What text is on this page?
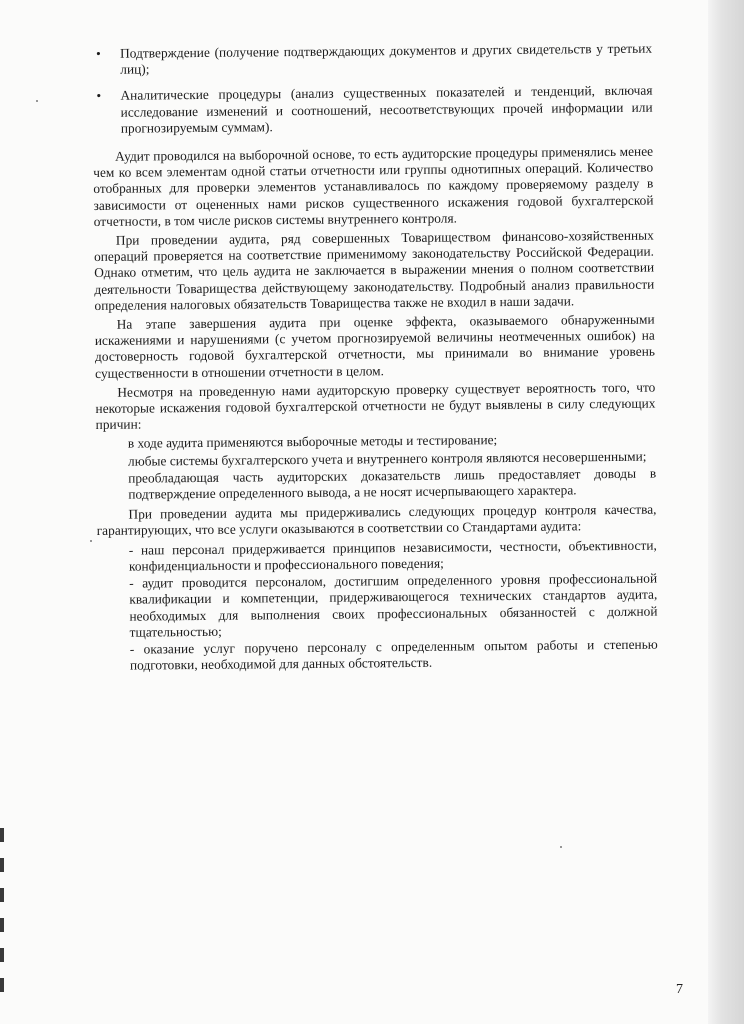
• Подтверждение (получение подтверждающих документов и других свидетельств у третьих лиц);

• Аналитические процедуры (анализ существенных показателей и тенденций, включая исследование изменений и соотношений, несоответствующих прочей информации или прогнозируемым суммам).

Аудит проводился на выборочной основе, то есть аудиторские процедуры применялись менее чем ко всем элементам одной статьи отчетности или группы однотипных операций. Количество отобранных для проверки элементов устанавливалось по каждому проверяемому разделу в зависимости от оцененных нами рисков существенного искажения годовой бухгалтерской отчетности, в том числе рисков системы внутреннего контроля.

При проведении аудита, ряд совершенных Товариществом финансово-хозяйственных операций проверяется на соответствие применимому законодательству Российской Федерации. Однако отметим, что цель аудита не заключается в выражении мнения о полном соответствии деятельности Товарищества действующему законодательству. Подробный анализ правильности определения налоговых обязательств Товарищества также не входил в наши задачи.

На этапе завершения аудита при оценке эффекта, оказываемого обнаруженными искажениями и нарушениями (с учетом прогнозируемой величины неотмеченных ошибок) на достоверность годовой бухгалтерской отчетности, мы принимали во внимание уровень существенности в отношении отчетности в целом.

Несмотря на проведенную нами аудиторскую проверку существует вероятность того, что некоторые искажения годовой бухгалтерской отчетности не будут выявлены в силу следующих причин:

в ходе аудита применяются выборочные методы и тестирование;

любые системы бухгалтерского учета и внутреннего контроля являются несовершенными;

преобладающая часть аудиторских доказательств лишь предоставляет доводы в подтверждение определенного вывода, а не носят исчерпывающего характера.

При проведении аудита мы придерживались следующих процедур контроля качества, гарантирующих, что все услуги оказываются в соответствии со Стандартами аудита:

- наш персонал придерживается принципов независимости, честности, объективности, конфиденциальности и профессионального поведения;

- аудит проводится персоналом, достигшим определенного уровня профессиональной квалификации и компетенции, придерживающегося технических стандартов аудита, необходимых для выполнения своих профессиональных обязанностей с должной тщательностью;

- оказание услуг поручено персоналу с определенным опытом работы и степенью подготовки, необходимой для данных обстоятельств.

7
